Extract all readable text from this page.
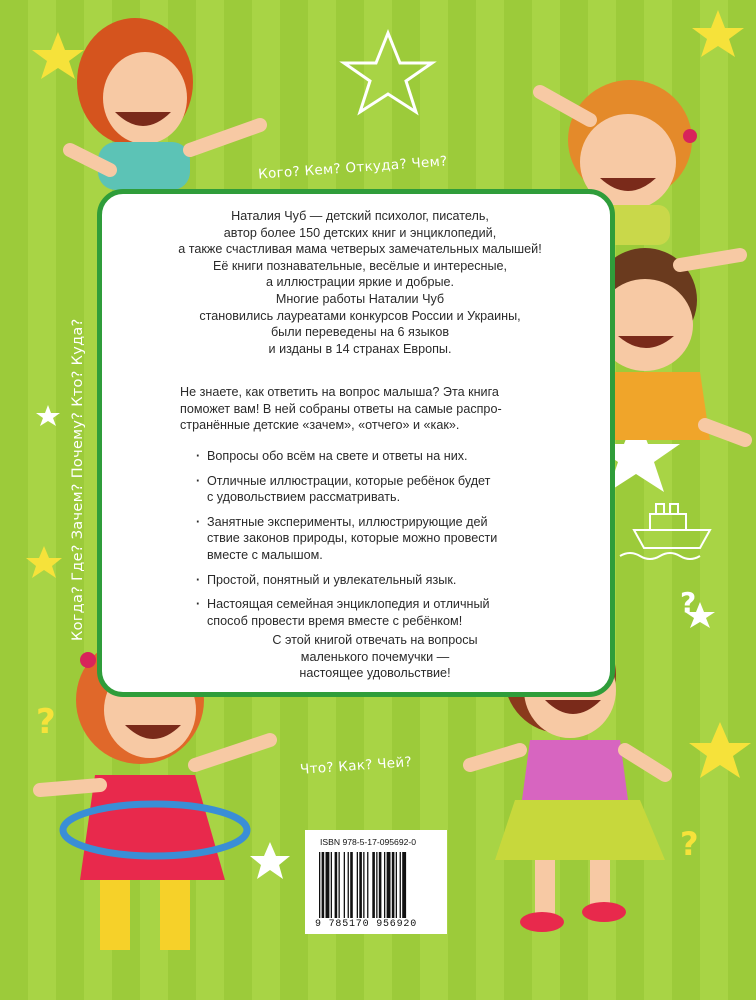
?
?
?
Кого? Кем? Откуда? Чем?
Когда? Где? Зачем? Почему? Кто? Куда?
Что? Как? Чей?
Наталия Чуб — детский психолог, писатель,
автор более 150 детских книг и энциклопедий,
а также счастливая мама четверых замечательных малышей!
Её книги познавательные, весёлые и интересные,
а иллюстрации яркие и добрые.
Многие работы Наталии Чуб
становились лауреатами конкурсов России и Украины,
были переведены на 6 языков
и изданы в 14 странах Европы.
Не знаете, как ответить на вопрос малыша? Эта книга
поможет вам! В ней собраны ответы на самые распро-
странённые детские «зачем», «отчего» и «как».
· Вопросы обо всём на свете и ответы на них.
· Отличные иллюстрации, которые ребёнок будет
с удовольствием рассматривать.
· Занятные эксперименты, иллюстрирующие дей
ствие законов природы, которые можно провести
вместе с малышом.
· Простой, понятный и увлекательный язык.
· Настоящая семейная энциклопедия и отличный
способ провести время вместе с ребёнком!
С этой книгой отвечать на вопросы
маленького почемучки —
настоящее удовольствие!
ISBN 978-5-17-095692-0
9 785170 956920
